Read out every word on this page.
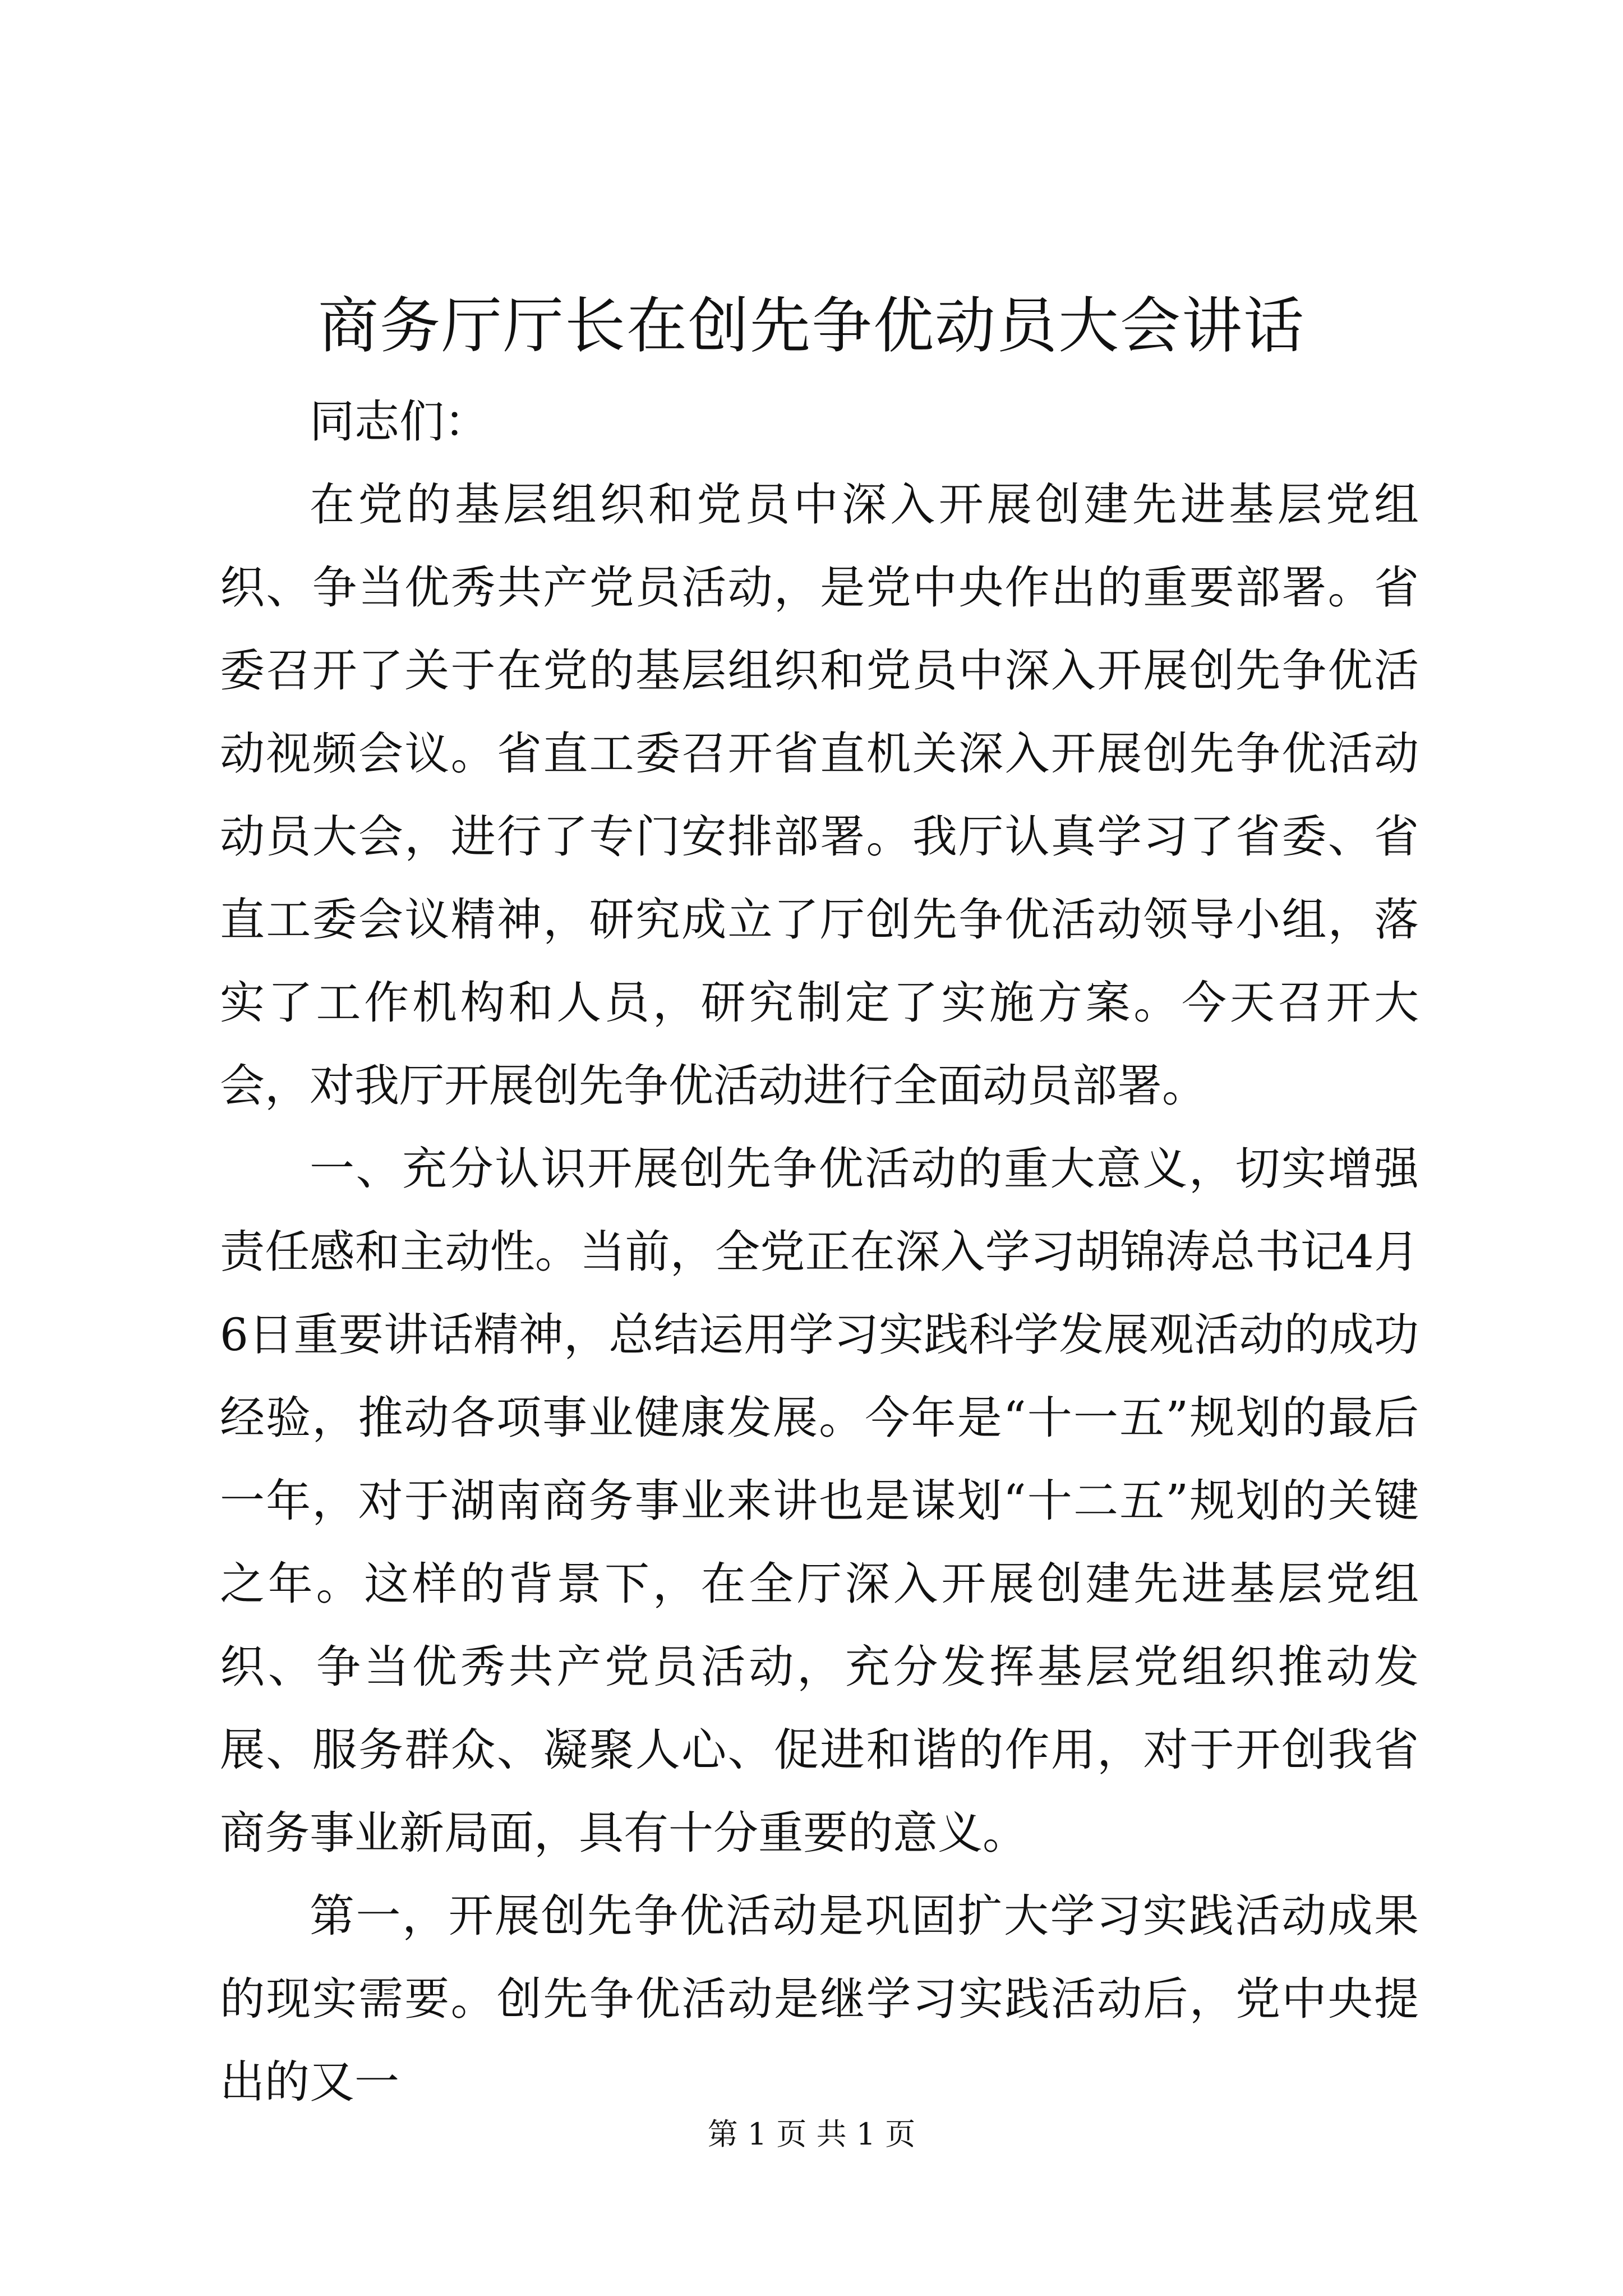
商务厅厅长在创先争优动员大会讲话

同志们：

在党的基层组织和党员中深入开展创建先进基层党组织、争当优秀共产党员活动，是党中央作出的重要部署。省委召开了关于在党的基层组织和党员中深入开展创先争优活动视频会议。省直工委召开省直机关深入开展创先争优活动动员大会，进行了专门安排部署。我厅认真学习了省委、省直工委会议精神，研究成立了厅创先争优活动领导小组，落实了工作机构和人员，研究制定了实施方案。今天召开大会，对我厅开展创先争优活动进行全面动员部署。

一、充分认识开展创先争优活动的重大意义，切实增强责任感和主动性。当前，全党正在深入学习胡锦涛总书记4月6日重要讲话精神，总结运用学习实践科学发展观活动的成功经验，推动各项事业健康发展。今年是“十一五”规划的最后一年，对于湖南商务事业来讲也是谋划“十二五”规划的关键之年。这样的背景下，在全厅深入开展创建先进基层党组织、争当优秀共产党员活动，充分发挥基层党组织推动发展、服务群众、凝聚人心、促进和谐的作用，对于开创我省商务事业新局面，具有十分重要的意义。

第一，开展创先争优活动是巩固扩大学习实践活动成果的现实需要。创先争优活动是继学习实践活动后，党中央提出的又一

第 1 页 共 1 页
